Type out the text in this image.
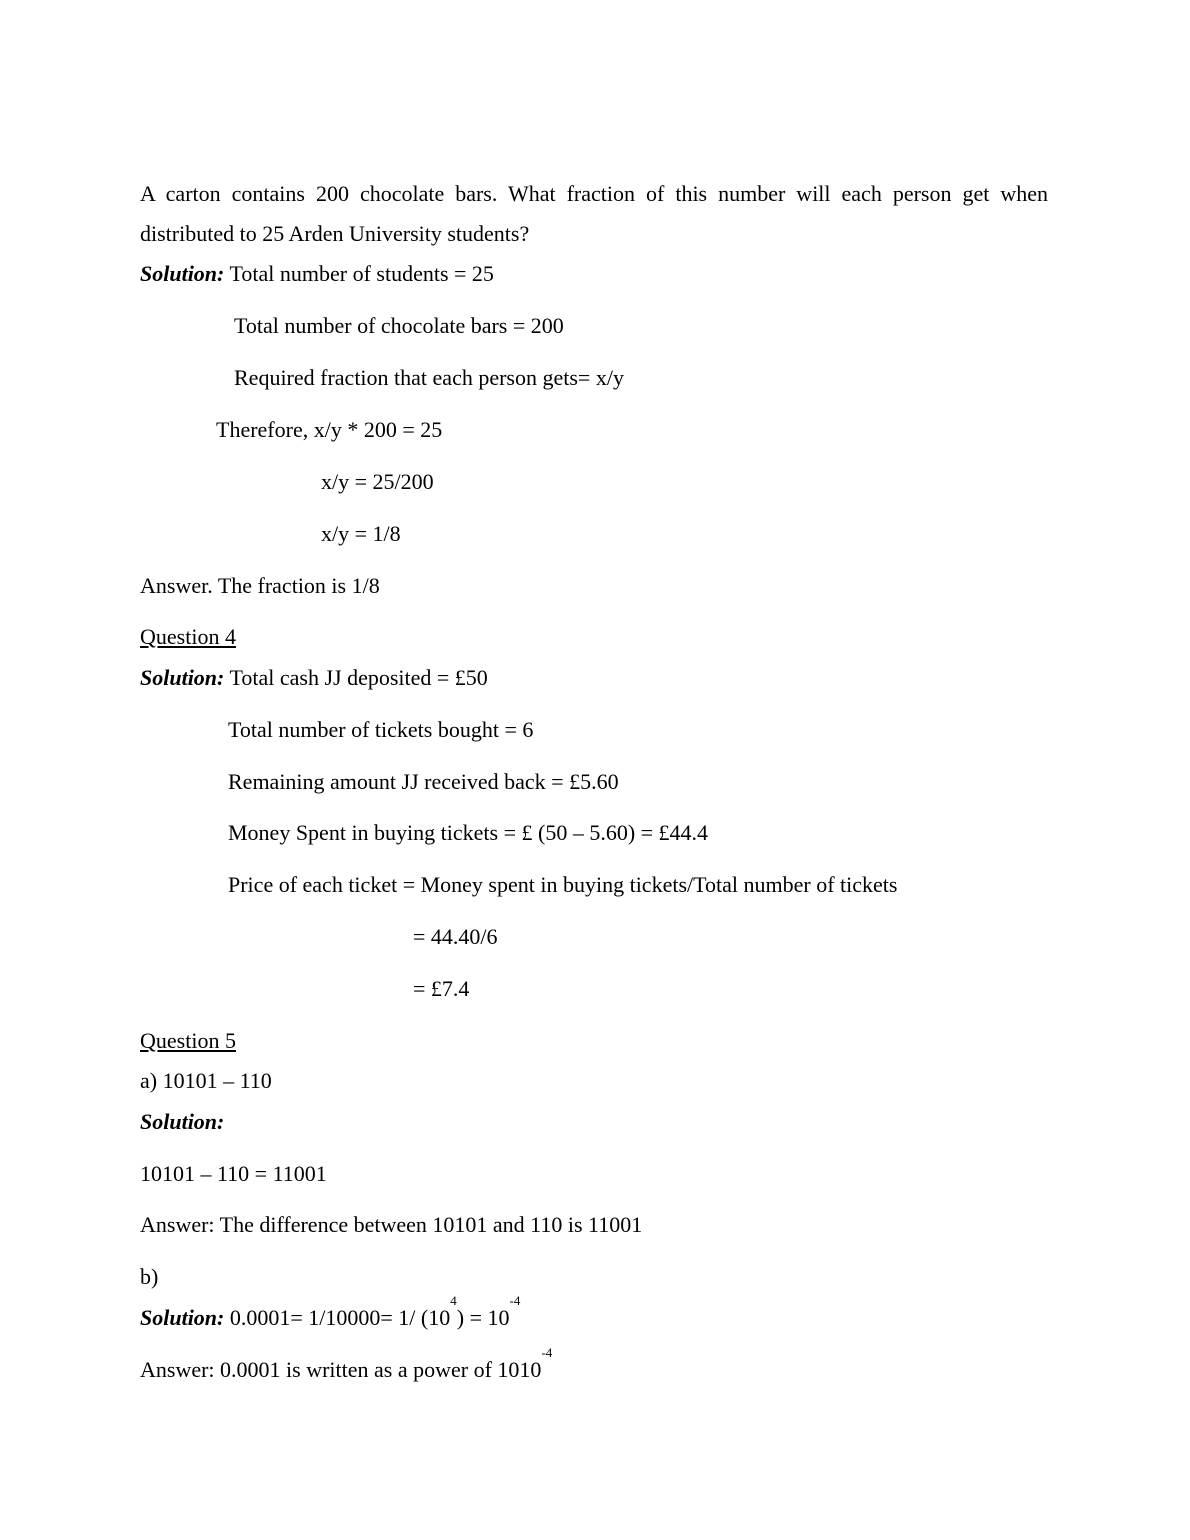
A carton contains 200 chocolate bars. What fraction of this number will each person get when
distributed to 25 Arden University students?
Solution: Total number of students = 25
Total number of chocolate bars = 200
Required fraction that each person gets= x/y
Therefore, x/y * 200 = 25
x/y = 25/200
x/y = 1/8
Answer. The fraction is 1/8
Question 4
Solution: Total cash JJ deposited = £50
Total number of tickets bought = 6
Remaining amount JJ received back = £5.60
Money Spent in buying tickets = £ (50 – 5.60) = £44.4
Price of each ticket = Money spent in buying tickets/Total number of tickets
= 44.40/6
= £7.4
Question 5
a) 10101 – 110
Solution:
10101 – 110 = 11001
Answer: The difference between 10101 and 110 is 11001
b)
Solution: 0.0001= 1/10000= 1/ $(10^4) = 10^{-4}$
Answer: 0.0001 is written as a power of $1010^{-4}$
